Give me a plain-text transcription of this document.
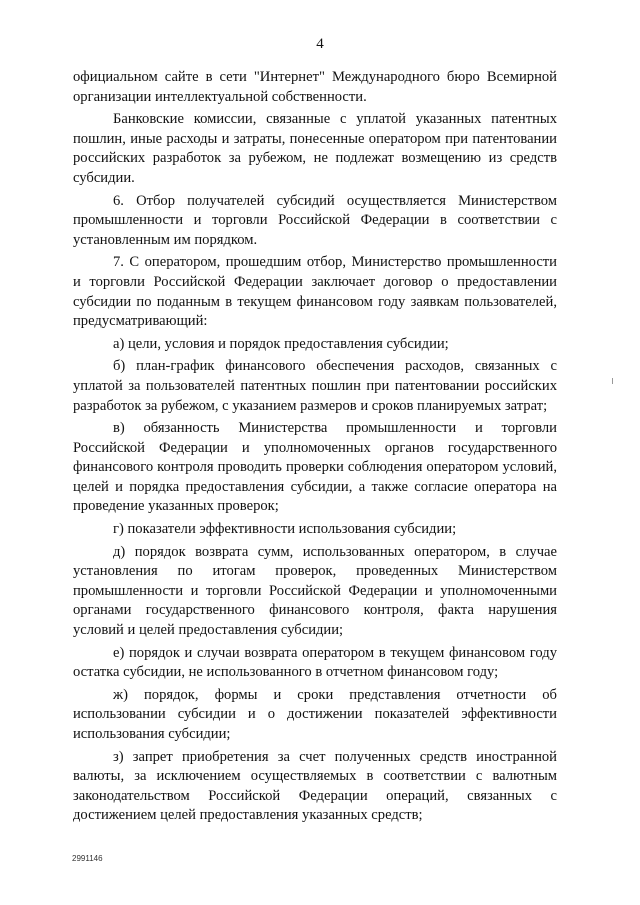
4

официальном сайте в сети "Интернет" Международного бюро Всемирной организации интеллектуальной собственности.

Банковские комиссии, связанные с уплатой указанных патентных пошлин, иные расходы и затраты, понесенные оператором при патентовании российских разработок за рубежом, не подлежат возмещению из средств субсидии.

6. Отбор получателей субсидий осуществляется Министерством промышленности и торговли Российской Федерации в соответствии с установленным им порядком.

7. С оператором, прошедшим отбор, Министерство промышленности и торговли Российской Федерации заключает договор о предоставлении субсидии по поданным в текущем финансовом году заявкам пользователей, предусматривающий:

а) цели, условия и порядок предоставления субсидии;

б) план-график финансового обеспечения расходов, связанных с уплатой за пользователей патентных пошлин при патентовании российских разработок за рубежом, с указанием размеров и сроков планируемых затрат;

в) обязанность Министерства промышленности и торговли Российской Федерации и уполномоченных органов государственного финансового контроля проводить проверки соблюдения оператором условий, целей и порядка предоставления субсидии, а также согласие оператора на проведение указанных проверок;

г) показатели эффективности использования субсидии;

д) порядок возврата сумм, использованных оператором, в случае установления по итогам проверок, проведенных Министерством промышленности и торговли Российской Федерации и уполномоченными органами государственного финансового контроля, факта нарушения условий и целей предоставления субсидии;

е) порядок и случаи возврата оператором в текущем финансовом году остатка субсидии, не использованного в отчетном финансовом году;

ж) порядок, формы и сроки представления отчетности об использовании субсидии и о достижении показателей эффективности использования субсидии;

з) запрет приобретения за счет полученных средств иностранной валюты, за исключением осуществляемых в соответствии с валютным законодательством Российской Федерации операций, связанных с достижением целей предоставления указанных средств;

2991146
